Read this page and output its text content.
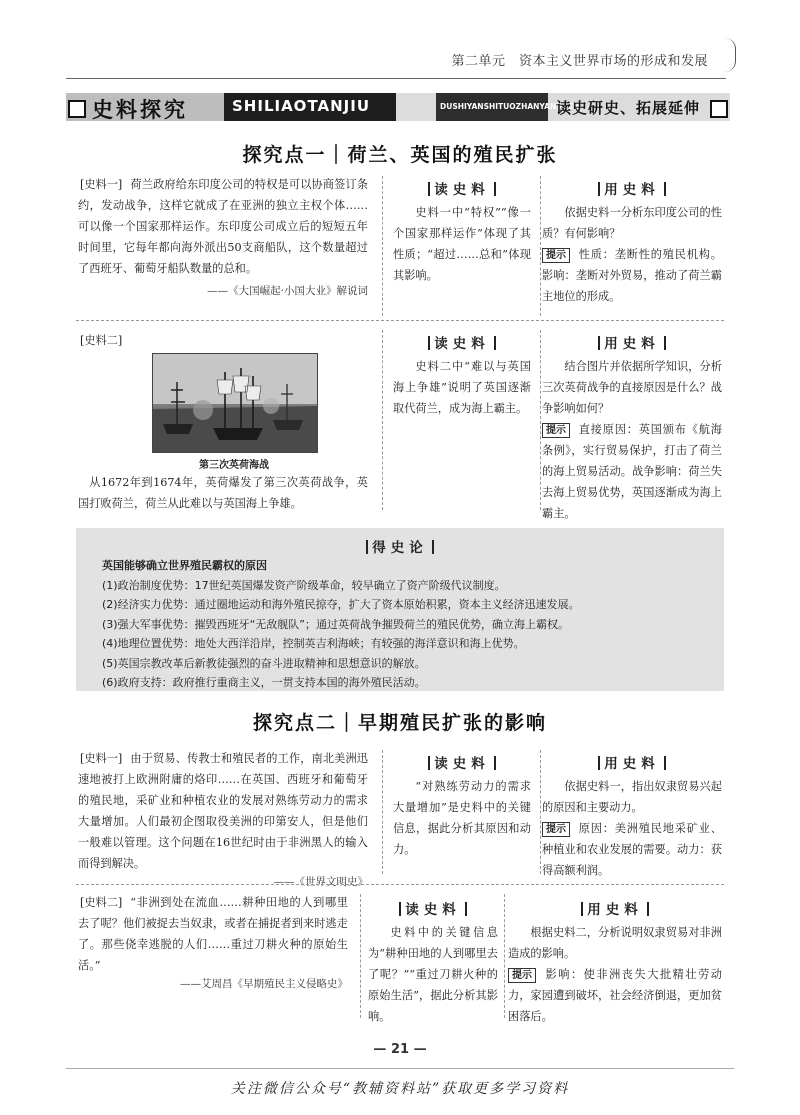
第二单元　资本主义世界市场的形成和发展
史料探究	SHILIAOTANJIU	DUSHIYANSHITUOZHANYANSHEN
读史研史、拓展延伸
探究点一｜荷兰、英国的殖民扩张
[史料一] 荷兰政府给东印度公司的特权是可以协商签订条约，发动战争，这样它就成了在亚洲的独立主权个体……可以像一个国家那样运作。东印度公司成立后的短短五年时间里，它每年都向海外派出50支商船队，这个数量超过了西班牙、葡萄牙船队数量的总和。
——《大国崛起·小国大业》解说词
读史料
史料一中“特权”“像一个国家那样运作”体现了其性质；“超过……总和”体现其影响。
用史料
依据史料一分析东印度公司的性质？有何影响？
提示 性质：垄断性的殖民机构。影响：垄断对外贸易，推动了荷兰霸主地位的形成。
[史料二]
第三次英荷海战
从1672年到1674年，英荷爆发了第三次英荷战争，英国打败荷兰，荷兰从此难以与英国海上争雄。
读史料
史料二中“难以与英国海上争雄”说明了英国逐渐取代荷兰，成为海上霸主。
用史料
结合图片并依据所学知识，分析三次英荷战争的直接原因是什么？战争影响如何？
提示 直接原因：英国颁布《航海条例》，实行贸易保护，打击了荷兰的海上贸易活动。战争影响：荷兰失去海上贸易优势，英国逐渐成为海上霸主。
得史论
英国能够确立世界殖民霸权的原因
(1)政治制度优势：17世纪英国爆发资产阶级革命，较早确立了资产阶级代议制度。
(2)经济实力优势：通过圈地运动和海外殖民掠夺，扩大了资本原始积累，资本主义经济迅速发展。
(3)强大军事优势：摧毁西班牙“无敌舰队”；通过英荷战争摧毁荷兰的殖民优势，确立海上霸权。
(4)地理位置优势：地处大西洋沿岸，控制英吉利海峡；有较强的海洋意识和海上优势。
(5)英国宗教改革后新教徒强烈的奋斗进取精神和思想意识的解放。
(6)政府支持：政府推行重商主义，一贯支持本国的海外殖民活动。
探究点二｜早期殖民扩张的影响
[史料一] 由于贸易、传教士和殖民者的工作，南北美洲迅速地被打上欧洲附庸的烙印……在英国、西班牙和葡萄牙的殖民地，采矿业和种植农业的发展对熟练劳动力的需求大量增加。人们最初企图取役美洲的印第安人，但是他们一般难以管理。这个问题在16世纪时由于非洲黑人的输入而得到解决。
——《世界文明史》
读史料
“对熟练劳动力的需求大量增加”是史料中的关键信息，据此分析其原因和动力。
用史料
依据史料一，指出奴隶贸易兴起的原因和主要动力。
提示 原因：美洲殖民地采矿业、种植业和农业发展的需要。动力：获得高额利润。
[史料二] “非洲到处在流血……耕种田地的人到哪里去了呢？他们被捉去当奴隶，或者在捕捉者到来时逃走了。那些侥幸逃脱的人们……重过刀耕火种的原始生活。”
——艾周昌《早期殖民主义侵略史》
读史料
史料中的关键信息为“耕种田地的人到哪里去了呢？”“重过刀耕火种的原始生活”，据此分析其影响。
用史料
根据史料二，分析说明奴隶贸易对非洲造成的影响。
提示 影响：使非洲丧失大批精壮劳动力，家园遭到破坏，社会经济倒退，更加贫困落后。
— 21 —
关注微信公众号“教辅资料站”获取更多学习资料
